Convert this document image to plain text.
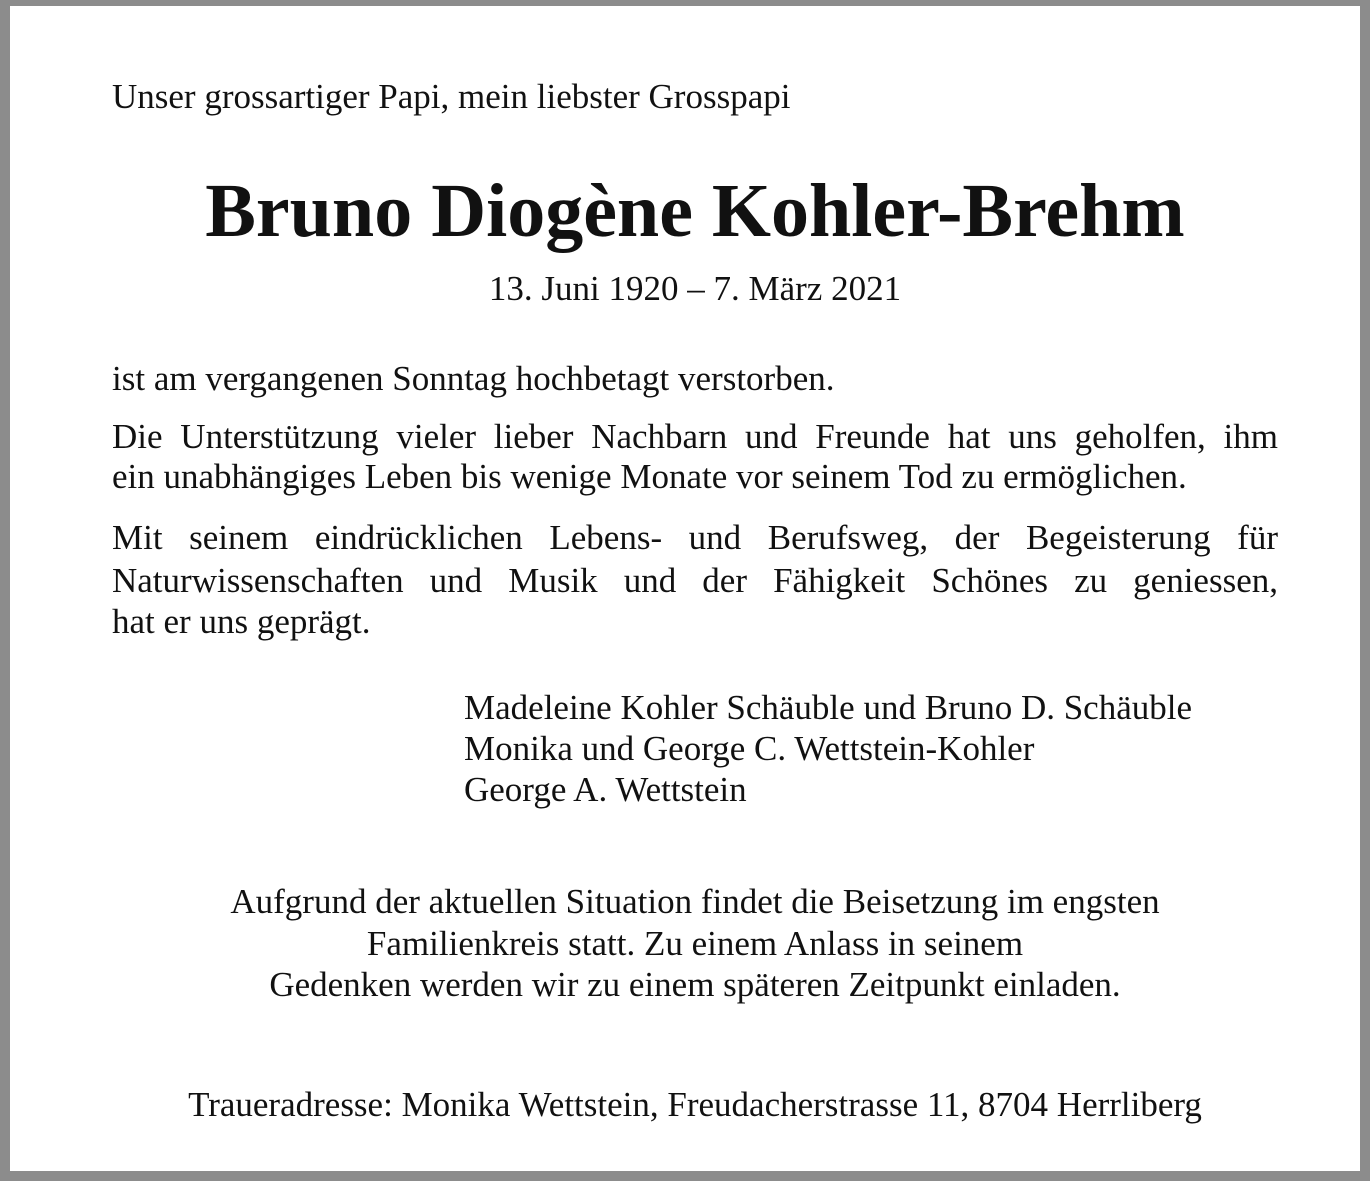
Unser grossartiger Papi, mein liebster Grosspapi

Bruno Diogène Kohler-Brehm

13. Juni 1920 – 7. März 2021

ist am vergangenen Sonntag hochbetagt verstorben.

Die Unterstützung vieler lieber Nachbarn und Freunde hat uns geholfen, ihm

ein unabhängiges Leben bis wenige Monate vor seinem Tod zu ermöglichen.

Mit seinem eindrücklichen Lebens- und Berufsweg, der Begeisterung für

Naturwissenschaften und Musik und der Fähigkeit Schönes zu geniessen,

hat er uns geprägt.

Madeleine Kohler Schäuble und Bruno D. Schäuble

Monika und George C. Wettstein-Kohler

George A. Wettstein

Aufgrund der aktuellen Situation findet die Beisetzung im engsten

Familienkreis statt. Zu einem Anlass in seinem

Gedenken werden wir zu einem späteren Zeitpunkt einladen.

Traueradresse: Monika Wettstein, Freudacherstrasse 11, 8704 Herrliberg
